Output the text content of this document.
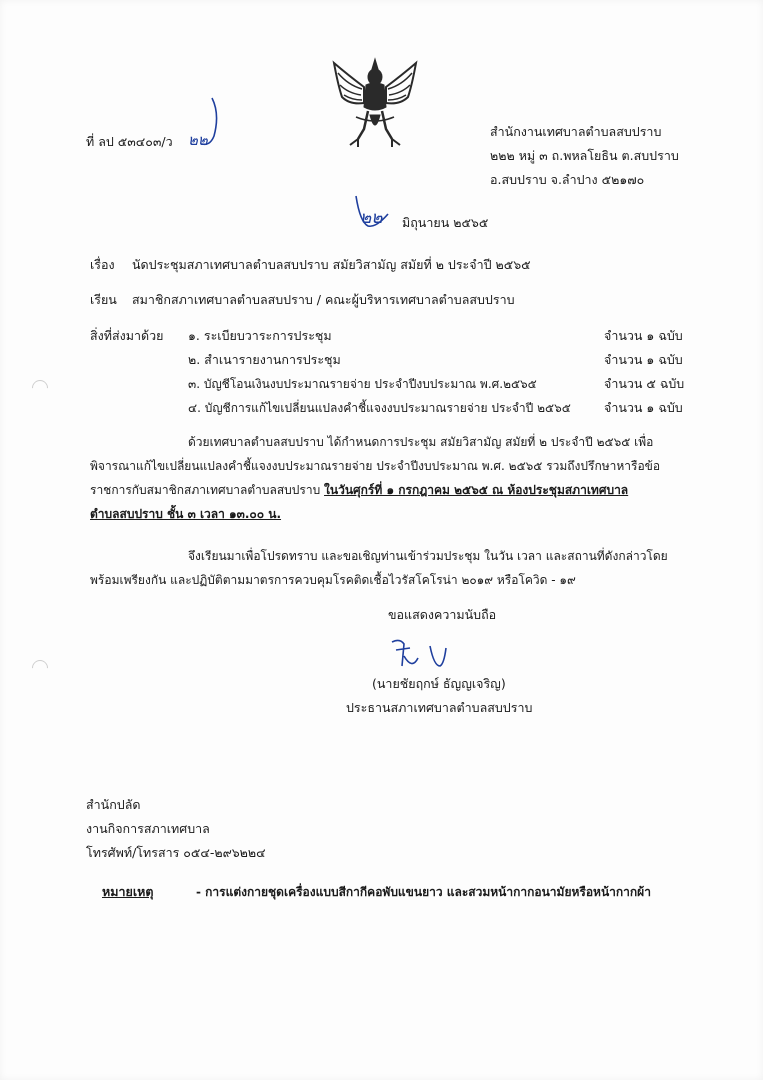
ที่ ลป ๕๓๔๐๓/ว ๒๒	สำนักงานเทศบาลตำบลสบปราบ
๒๒๒ หมู่ ๓ ถ.พหลโยธิน ต.สบปราบ
อ.สบปราบ จ.ลำปาง ๕๒๑๗๐
๒๒ มิถุนายน ๒๕๖๕
เรื่อง นัดประชุมสภาเทศบาลตำบลสบปราบ สมัยวิสามัญ สมัยที่ ๒ ประจำปี ๒๕๖๕
เรียน สมาชิกสภาเทศบาลตำบลสบปราบ / คณะผู้บริหารเทศบาลตำบลสบปราบ
สิ่งที่ส่งมาด้วย ๑. ระเบียบวาระการประชุม	จำนวน ๑ ฉบับ
๒. สำเนารายงานการประชุม	จำนวน ๑ ฉบับ
๓. บัญชีโอนเงินงบประมาณรายจ่าย ประจำปีงบประมาณ พ.ศ.๒๕๖๕	จำนวน ๕ ฉบับ
๔. บัญชีการแก้ไขเปลี่ยนแปลงคำชี้แจงงบประมาณรายจ่าย ประจำปี ๒๕๖๕	จำนวน ๑ ฉบับ
ด้วยเทศบาลตำบลสบปราบ ได้กำหนดการประชุม สมัยวิสามัญ สมัยที่ ๒ ประจำปี ๒๕๖๕ เพื่อ
พิจารณาแก้ไขเปลี่ยนแปลงคำชี้แจงงบประมาณรายจ่าย ประจำปีงบประมาณ พ.ศ. ๒๕๖๕ รวมถึงปรึกษาหารือข้อ
ราชการกับสมาชิกสภาเทศบาลตำบลสบปราบ ในวันศุกร์ที่ ๑ กรกฎาคม ๒๕๖๕ ณ ห้องประชุมสภาเทศบาล
ตำบลสบปราบ ชั้น ๓ เวลา ๑๓.๐๐ น.
จึงเรียนมาเพื่อโปรดทราบ และขอเชิญท่านเข้าร่วมประชุม ในวัน เวลา และสถานที่ดังกล่าวโดย
พร้อมเพรียงกัน และปฏิบัติตามมาตรการควบคุมโรคติดเชื้อไวรัสโคโรน่า ๒๐๑๙ หรือโควิด - ๑๙
ขอแสดงความนับถือ
(นายชัยฤกษ์ ธัญญเจริญ)
ประธานสภาเทศบาลตำบลสบปราบ
สำนักปลัด
งานกิจการสภาเทศบาล
โทรศัพท์/โทรสาร ๐๕๔-๒๙๖๒๒๔
หมายเหตุ	- การแต่งกายชุดเครื่องแบบสีกากีคอพับแขนยาว และสวมหน้ากากอนามัยหรือหน้ากากผ้า
